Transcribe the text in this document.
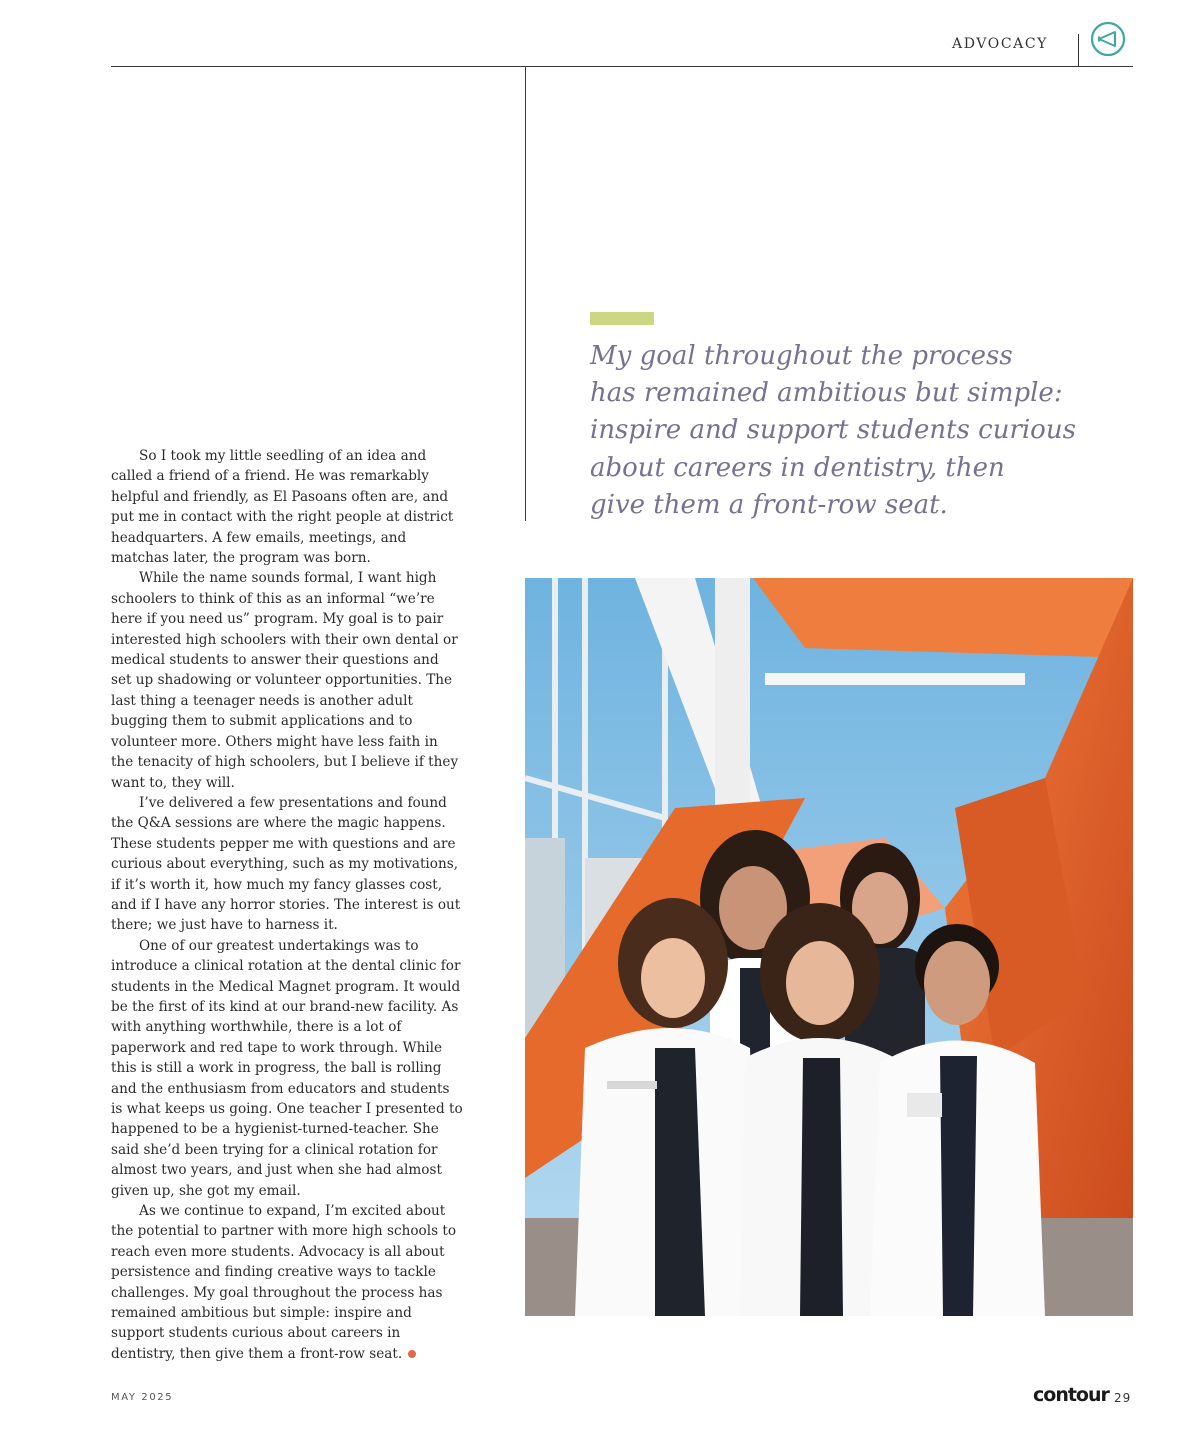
ADVOCACY

So I took my little seedling of an idea and called a friend of a friend. He was remarkably helpful and friendly, as El Pasoans often are, and put me in contact with the right people at district headquarters. A few emails, meetings, and matchas later, the program was born.

While the name sounds formal, I want high schoolers to think of this as an informal “we’re here if you need us” program. My goal is to pair interested high schoolers with their own dental or medical students to answer their questions and set up shadowing or volunteer opportunities. The last thing a teenager needs is another adult bugging them to submit applications and to volunteer more. Others might have less faith in the tenacity of high schoolers, but I believe if they want to, they will.

I’ve delivered a few presentations and found the Q&A sessions are where the magic happens. These students pepper me with questions and are curious about everything, such as my motivations, if it’s worth it, how much my fancy glasses cost, and if I have any horror stories. The interest is out there; we just have to harness it.

One of our greatest undertakings was to introduce a clinical rotation at the dental clinic for students in the Medical Magnet program. It would be the first of its kind at our brand-new facility. As with anything worthwhile, there is a lot of paperwork and red tape to work through. While this is still a work in progress, the ball is rolling and the enthusiasm from educators and students is what keeps us going. One teacher I presented to happened to be a hygienist-turned-teacher. She said she’d been trying for a clinical rotation for almost two years, and just when she had almost given up, she got my email.

As we continue to expand, I’m excited about the potential to partner with more high schools to reach even more students. Advocacy is all about persistence and finding creative ways to tackle challenges. My goal throughout the process has remained ambitious but simple: inspire and support students curious about careers in dentistry, then give them a front-row seat.

My goal throughout the process
has remained ambitious but simple:
inspire and support students curious
about careers in dentistry, then
give them a front-row seat.
MAY 2025	contour 29
